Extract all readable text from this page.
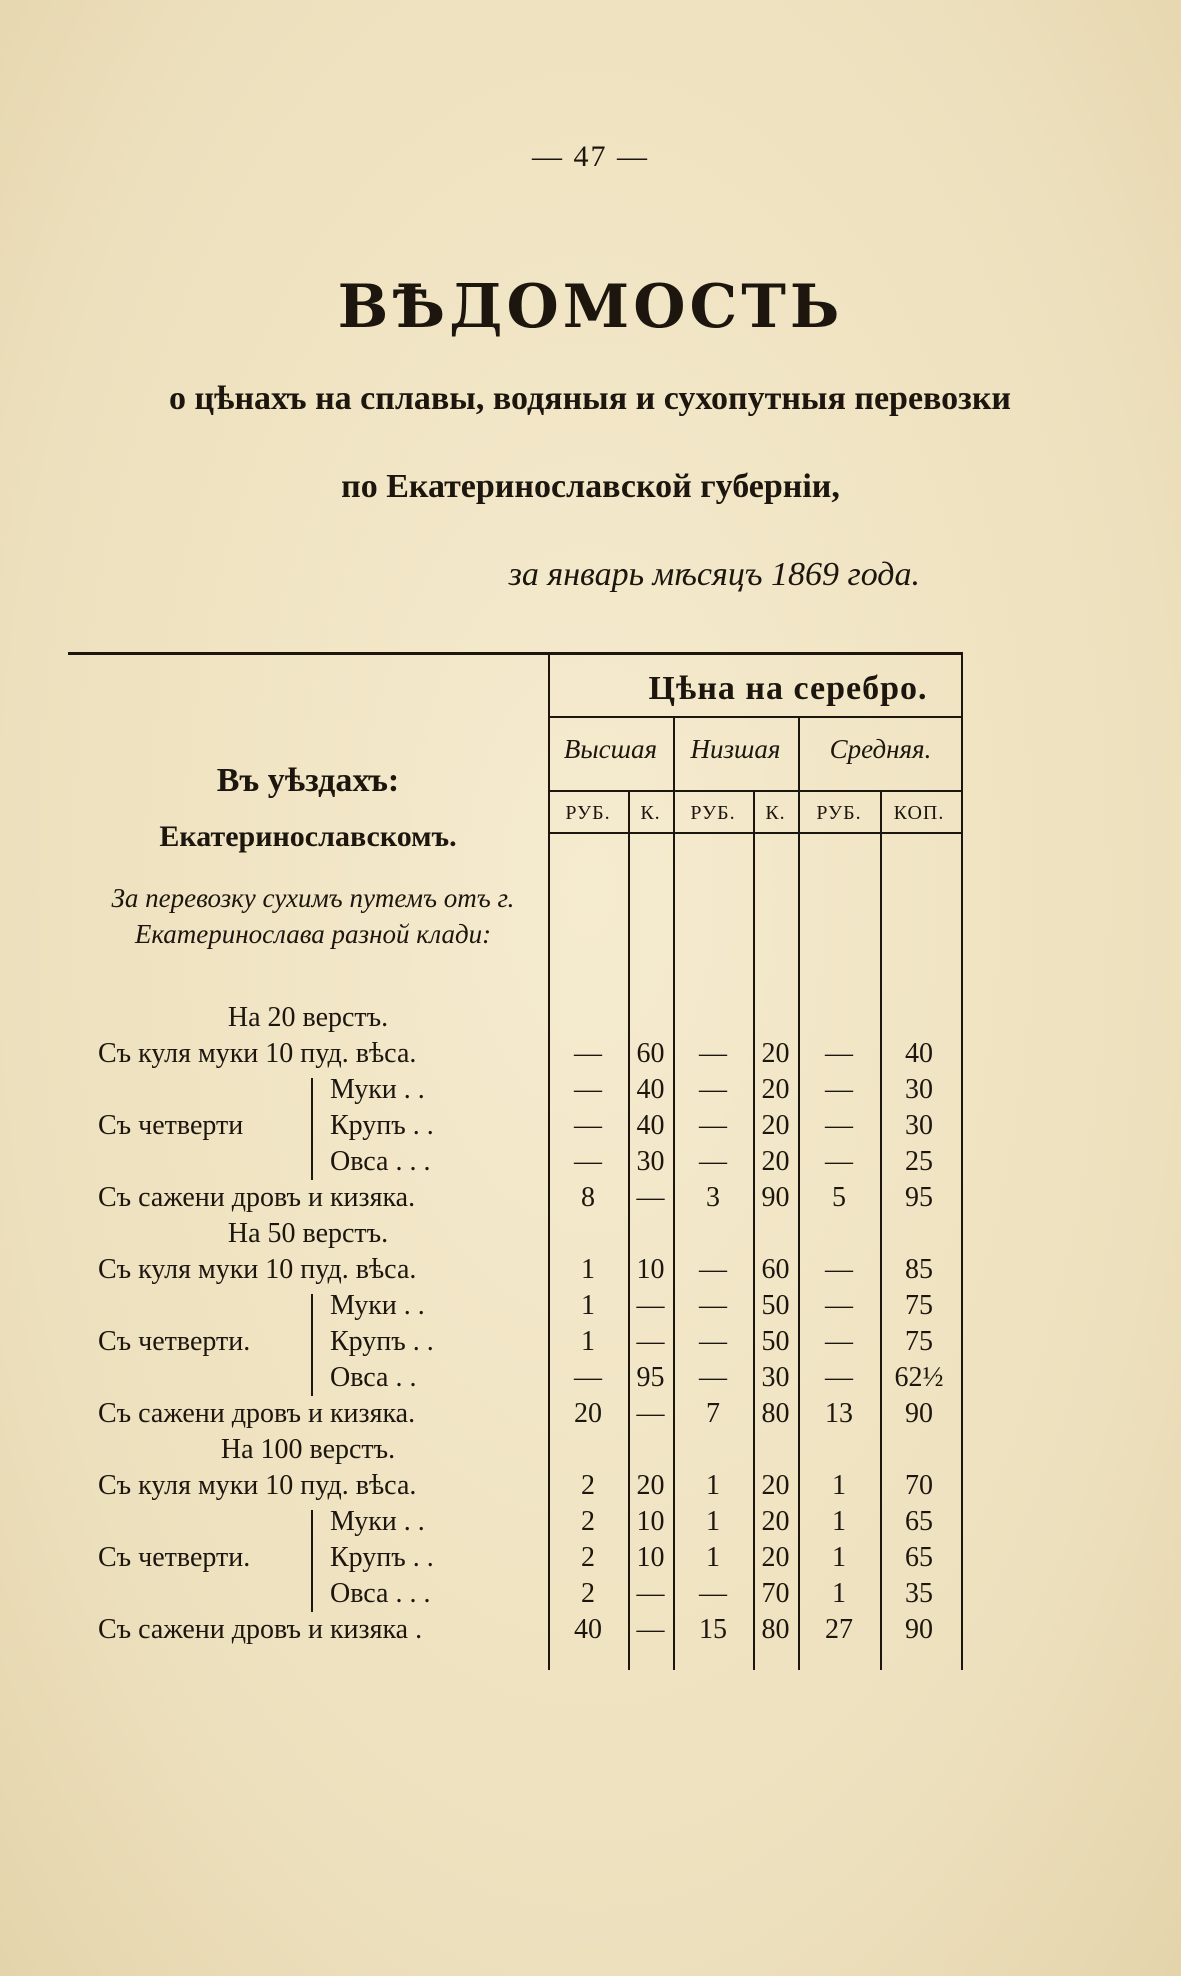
— 47 —
ВѢДОМОСТЬ
о цѣнахъ на сплавы, водяныя и сухопутныя перевозки
по Екатеринославской губерніи,
за январь мѣсяцъ 1869 года.
Цѣна на серебро.
Высшая	Низшая	Средняя.
РУБ.	К.	РУБ.	К.	РУБ.	КОП.
Въ уѣздахъ:
Екатеринославскомъ.
За перевозку сухимъ путемъ отъ г. Екатеринослава разной клади:
На 20 верстъ.
Съ куля муки 10 пуд. вѣса.	—	60	—	20	—	40
Муки . .	—	40	—	20	—	30
Съ четверти	Крупъ . .	—	40	—	20	—	30
Овса . . .	—	30	—	20	—	25
Съ сажени дровъ и кизяка.	8	—	3	90	5	95
На 50 верстъ.
Съ куля муки 10 пуд. вѣса.	1	10	—	60	—	85
Муки . .	1	—	—	50	—	75
Съ четверти.	Крупъ . .	1	—	—	50	—	75
Овса . .	—	95	—	30	—	62½
Съ сажени дровъ и кизяка.	20	—	7	80	13	90
На 100 верстъ.
Съ куля муки 10 пуд. вѣса.	2	20	1	20	1	70
Муки . .	2	10	1	20	1	65
Съ четверти.	Крупъ . .	2	10	1	20	1	65
Овса . . .	2	—	—	70	1	35
Съ сажени дровъ и кизяка .	40	—	15	80	27	90
